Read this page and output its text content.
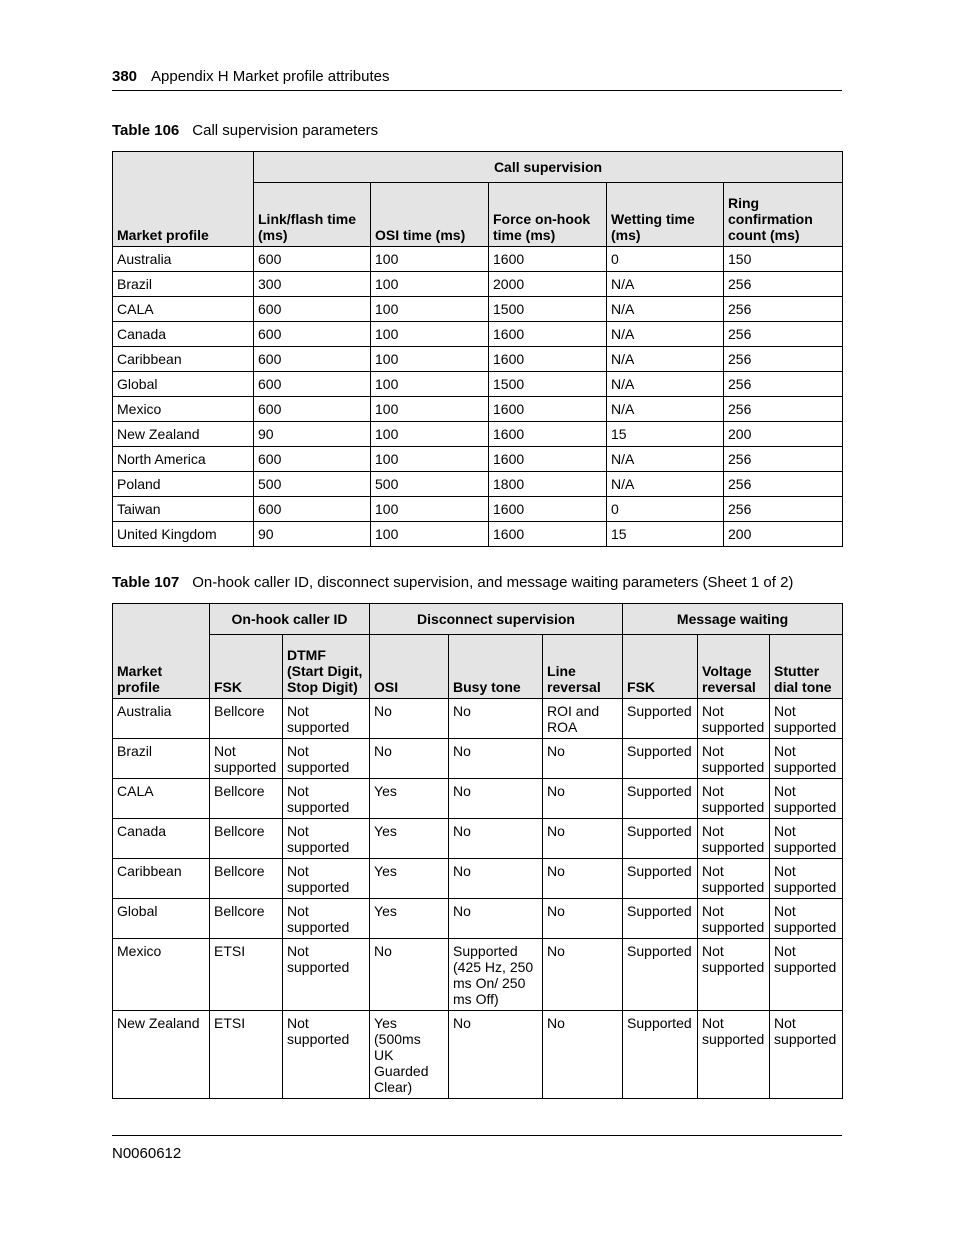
380 Appendix H Market profile attributes
Table 106 Call supervision parameters
Market profile	Call supervision				
	Link/flash time (ms)	OSI time (ms)	Force on-hook time (ms)	Wetting time (ms)	Ring confirmation count (ms)
Australia	600	100	1600	0	150
Brazil	300	100	2000	N/A	256
CALA	600	100	1500	N/A	256
Canada	600	100	1600	N/A	256
Caribbean	600	100	1600	N/A	256
Global	600	100	1500	N/A	256
Mexico	600	100	1600	N/A	256
New Zealand	90	100	1600	15	200
North America	600	100	1600	N/A	256
Poland	500	500	1800	N/A	256
Taiwan	600	100	1600	0	256
United Kingdom	90	100	1600	15	200
Table 107 On-hook caller ID, disconnect supervision, and message waiting parameters (Sheet 1 of 2)
Market profile	On-hook caller ID		Disconnect supervision			Message waiting		
	FSK	DTMF (Start Digit, Stop Digit)	OSI	Busy tone	Line reversal	FSK	Voltage reversal	Stutter dial tone
Australia	Bellcore	Not supported	No	No	ROI and ROA	Supported	Not supported	Not supported
Brazil	Not supported	Not supported	No	No	No	Supported	Not supported	Not supported
CALA	Bellcore	Not supported	Yes	No	No	Supported	Not supported	Not supported
Canada	Bellcore	Not supported	Yes	No	No	Supported	Not supported	Not supported
Caribbean	Bellcore	Not supported	Yes	No	No	Supported	Not supported	Not supported
Global	Bellcore	Not supported	Yes	No	No	Supported	Not supported	Not supported
Mexico	ETSI	Not supported	No	Supported (425 Hz, 250 ms On/ 250 ms Off)	No	Supported	Not supported	Not supported
New Zealand	ETSI	Not supported	Yes (500ms UK Guarded Clear)	No	No	Supported	Not supported	Not supported
N0060612
